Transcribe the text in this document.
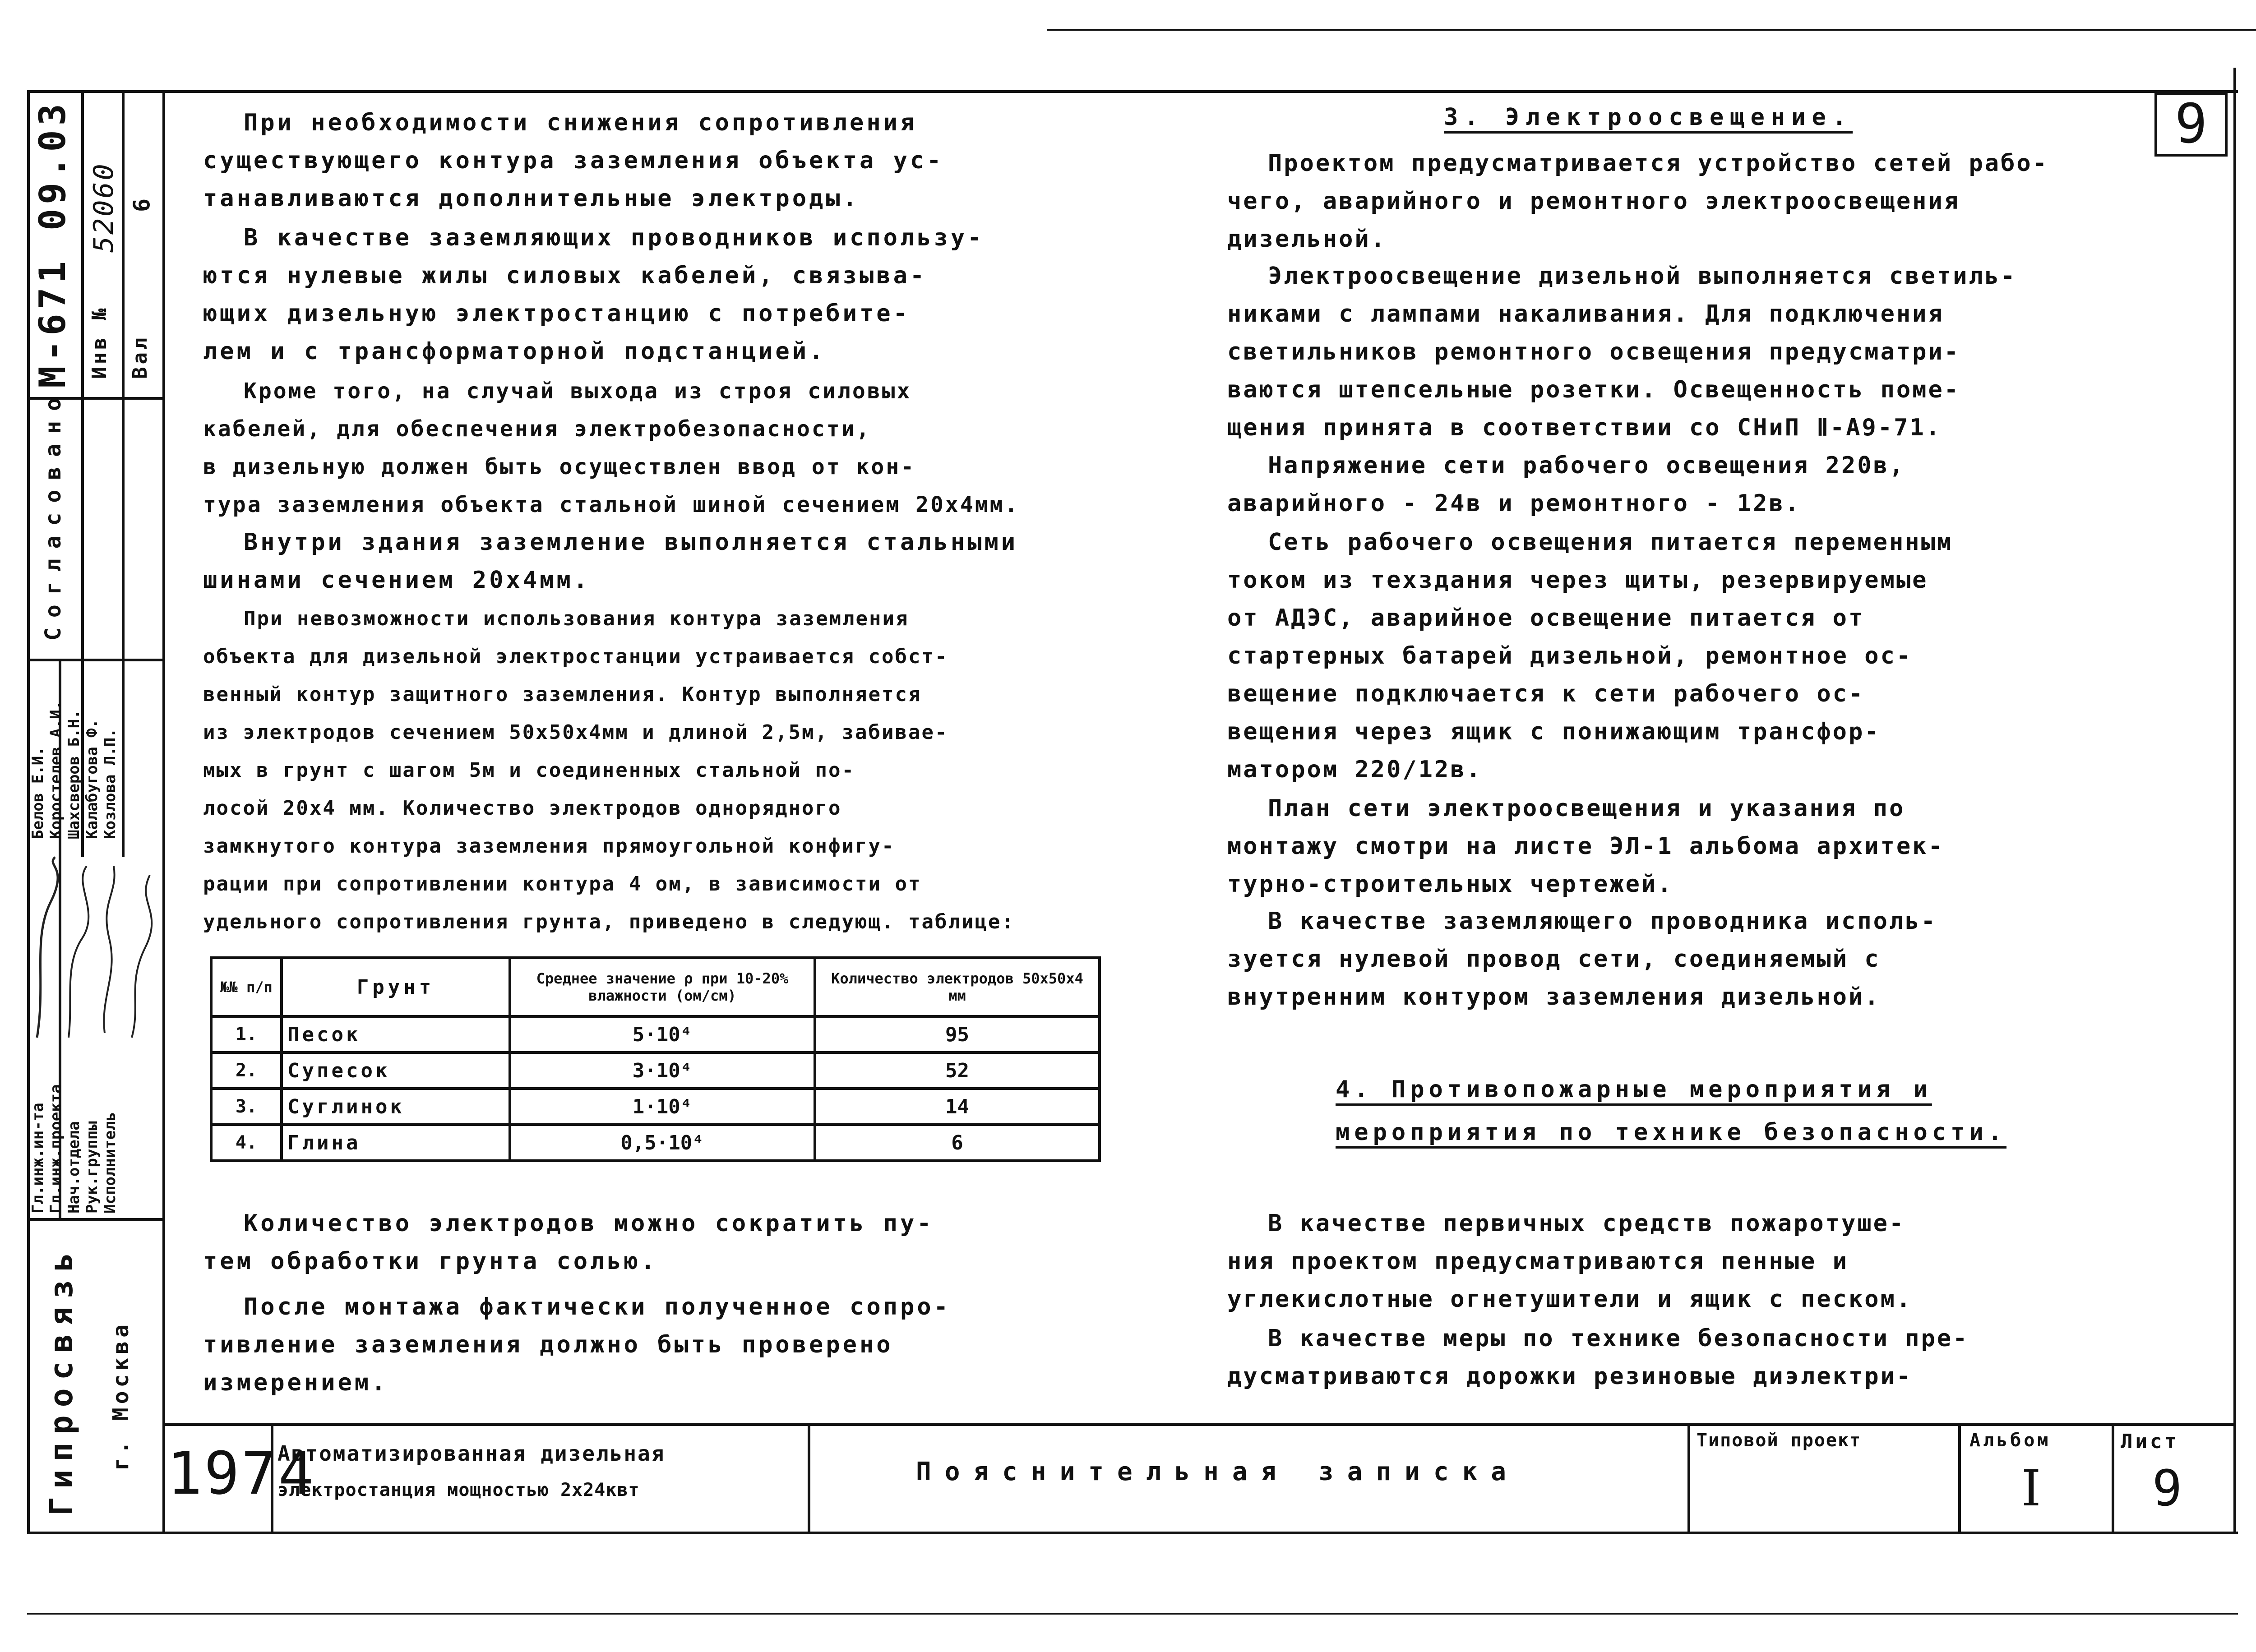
9
М-671 09.03 Инв №
52060
Вал
6
Согласовано
Гл.инж.ин-та Гл.инж.проекта Нач.отдела Рук.группы Исполнитель
Белов Е.И. Коростелев А.И. Шахсверов Б.Н. Калабугова Ф. Козлова Л.П.
Гипросвязь г. Москва
При необходимости снижения сопротивления
существующего контура заземления объекта ус-
танавливаются дополнительные электроды.
В качестве заземляющих проводников использу-
ются нулевые жилы силовых кабелей, связыва-
ющих дизельную электростанцию с потребите-
лем и с трансформаторной подстанцией.
Кроме того, на случай выхода из строя силовых
кабелей, для обеспечения электробезопасности,
в дизельную должен быть осуществлен ввод от кон-
тура заземления объекта стальной шиной сечением 20х4мм.
Внутри здания заземление выполняется стальными
шинами сечением 20х4мм.
При невозможности использования контура заземления
объекта для дизельной электростанции устраивается собст-
венный контур защитного заземления. Контур выполняется
из электродов сечением 50х50х4мм и длиной 2,5м, забивае-
мых в грунт с шагом 5м и соединенных стальной по-
лосой 20х4 мм. Количество электродов однорядного
замкнутого контура заземления прямоугольной конфигу-
рации при сопротивлении контура 4 ом, в зависимости от
удельного сопротивления грунта, приведено в следующ. таблице:
№№ п/п	Грунт	Среднее значение ρ при 10-20% влажности (ом/см)	Количество электродов 50х50х4 мм
1.	Песок	5·10⁴	95
2.	Супесок	3·10⁴	52
3.	Суглинок	1·10⁴	14
4.	Глина	0,5·10⁴	6
Количество электродов можно сократить пу-
тем обработки грунта солью.
После монтажа фактически полученное сопро-
тивление заземления должно быть проверено
измерением.
3. Электроосвещение.
Проектом предусматривается устройство сетей рабо-
чего, аварийного и ремонтного электроосвещения
дизельной.
Электроосвещение дизельной выполняется светиль-
никами с лампами накаливания. Для подключения
светильников ремонтного освещения предусматри-
ваются штепсельные розетки. Освещенность поме-
щения принята в соответствии со СНиП Ⅱ-А9-71.
Напряжение сети рабочего освещения 220в,
аварийного - 24в и ремонтного - 12в.
Сеть рабочего освещения питается переменным
током из техздания через щиты, резервируемые
от АДЭС, аварийное освещение питается от
стартерных батарей дизельной, ремонтное ос-
вещение подключается к сети рабочего ос-
вещения через ящик с понижающим трансфор-
матором 220/12в.
План сети электроосвещения и указания по
монтажу смотри на листе ЭЛ-1 альбома архитек-
турно-строительных чертежей.
В качестве заземляющего проводника исполь-
зуется нулевой провод сети, соединяемый с
внутренним контуром заземления дизельной.
4. Противопожарные мероприятия и
мероприятия по технике безопасности.
В качестве первичных средств пожаротуше-
ния проектом предусматриваются пенные и
углекислотные огнетушители и ящик с песком.
В качестве меры по технике безопасности пре-
дусматриваются дорожки резиновые диэлектри-
1974
Автоматизированная дизельная
электростанция мощностью 2х24квт
Пояснительная записка
Типовой проект	Альбом
I
Лист
9
